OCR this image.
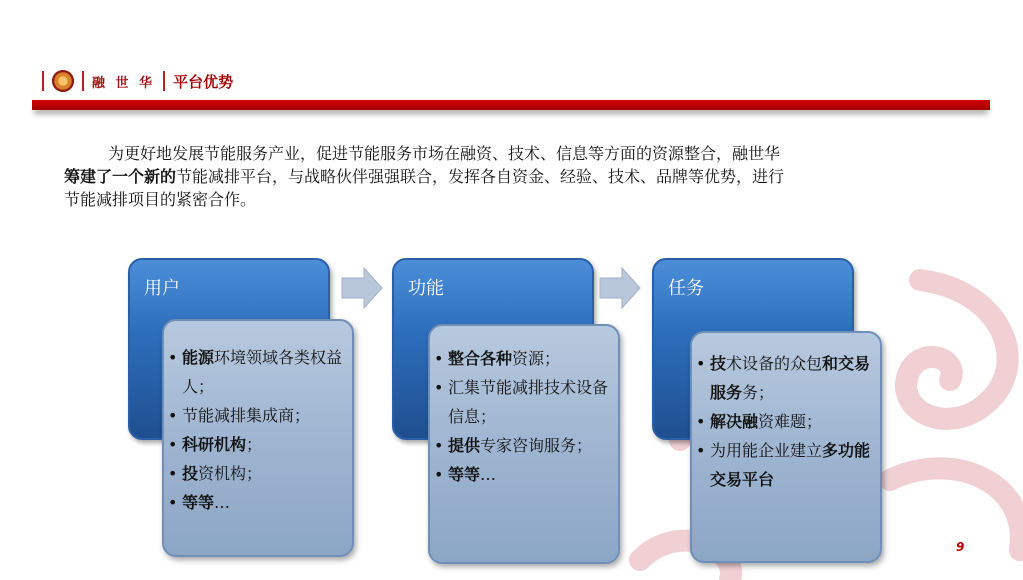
融 世 华 平台优势
为更好地发展节能服务产业，促进节能服务市场在融资、技术、信息等方面的资源整合，融世华
筹建了一个新的节能减排平台，与战略伙伴强强联合，发挥各自资金、经验、技术、品牌等优势，进行
节能减排项目的紧密合作。
用户
• 能源环境领域各类权益人；
• 节能减排集成商；
• 科研机构；
• 投资机构；
• 等等…
功能
• 整合各种资源；
• 汇集节能减排技术设备信息；
• 提供专家咨询服务；
• 等等…
任务
• 技术设备的众包和交易服务务；
• 解决融资难题；
• 为用能企业建立多功能交易平台
9
